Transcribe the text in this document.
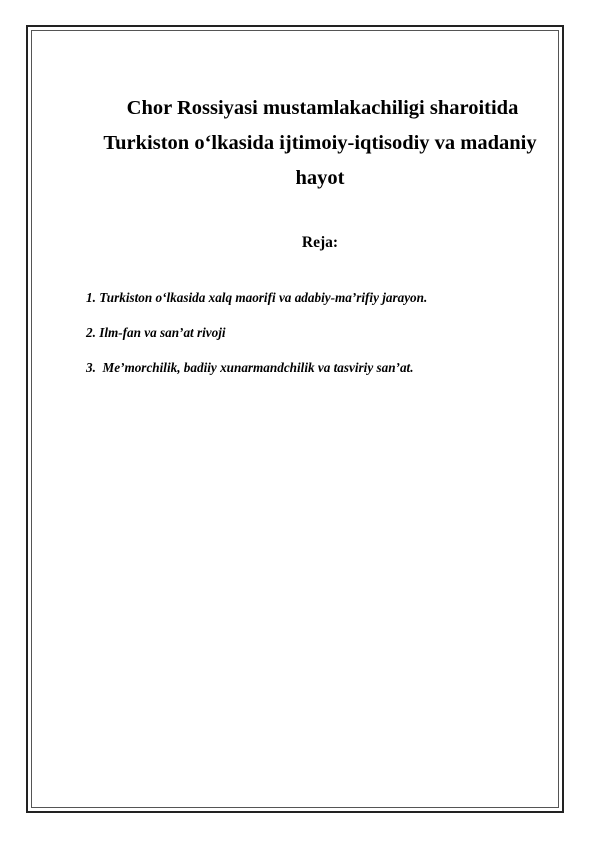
Chor Rossiyasi mustamlakachiligi sharoitida
Turkiston o‘lkasida ijtimoiy-iqtisodiy va madaniy
hayot
Reja:
1. Turkiston o‘lkasida xalq maorifi va adabiy-ma’rifiy jarayon.
2. Ilm-fan va san’at rivoji
3.  Me’morchilik, badiiy xunarmandchilik va tasviriy san’at.
